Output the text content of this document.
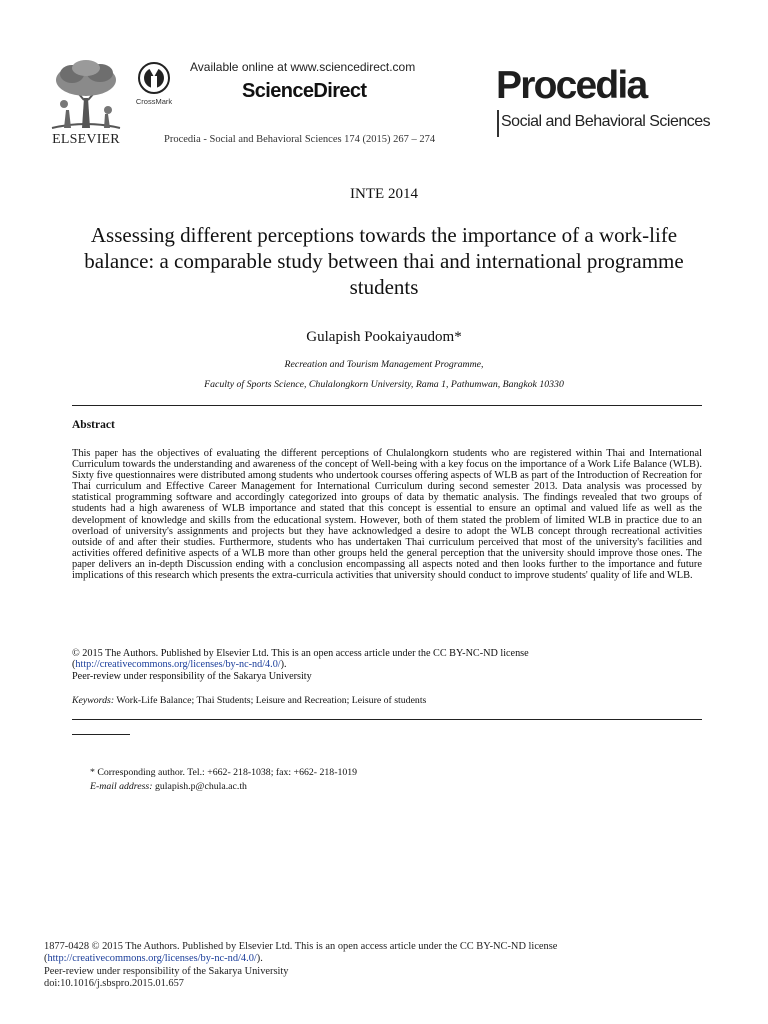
ELSEVIER
CrossMark
Available online at www.sciencedirect.com
ScienceDirect
Procedia - Social and Behavioral Sciences 174 (2015) 267 – 274
Procedia
Social and Behavioral Sciences
INTE 2014
Assessing different perceptions towards the importance of a work-life balance: a comparable study between thai and international programme students
Gulapish Pookaiyaudom*
Recreation and Tourism Management Programme,
Faculty of Sports Science, Chulalongkorn University, Rama 1, Pathumwan, Bangkok 10330
Abstract

This paper has the objectives of evaluating the different perceptions of Chulalongkorn students who are registered within Thai and International Curriculum towards the understanding and awareness of the concept of Well-being with a key focus on the importance of a Work Life Balance (WLB). Sixty five questionnaires were distributed among students who undertook courses offering aspects of WLB as part of the Introduction of Recreation for Thai curriculum and Effective Career Management for International Curriculum during second semester 2013. Data analysis was processed by statistical programming software and accordingly categorized into groups of data by thematic analysis. The findings revealed that two groups of students had a high awareness of WLB importance and stated that this concept is essential to ensure an optimal and valued life as well as the development of knowledge and skills from the educational system. However, both of them stated the problem of limited WLB in practice due to an overload of university's assignments and projects but they have acknowledged a desire to adopt the WLB concept through recreational activities outside of and after their studies. Furthermore, students who has undertaken Thai curriculum perceived that most of the university's facilities and activities offered definitive aspects of a WLB more than other groups held the general perception that the university should improve those ones. The paper delivers an in-depth Discussion ending with a conclusion encompassing all aspects noted and then looks further to the importance and future implications of this research which presents the extra-curricula activities that university should conduct to improve students' quality of life and WLB.

© 2015 The Authors. Published by Elsevier Ltd. This is an open access article under the CC BY-NC-ND license
(http://creativecommons.org/licenses/by-nc-nd/4.0/).
Peer-review under responsibility of the Sakarya University
Keywords: Work-Life Balance; Thai Students; Leisure and Recreation; Leisure of students
* Corresponding author. Tel.: +662- 218-1038; fax: +662- 218-1019
E-mail address: gulapish.p@chula.ac.th
1877-0428 © 2015 The Authors. Published by Elsevier Ltd. This is an open access article under the CC BY-NC-ND license
(http://creativecommons.org/licenses/by-nc-nd/4.0/).
Peer-review under responsibility of the Sakarya University
doi:10.1016/j.sbspro.2015.01.657
